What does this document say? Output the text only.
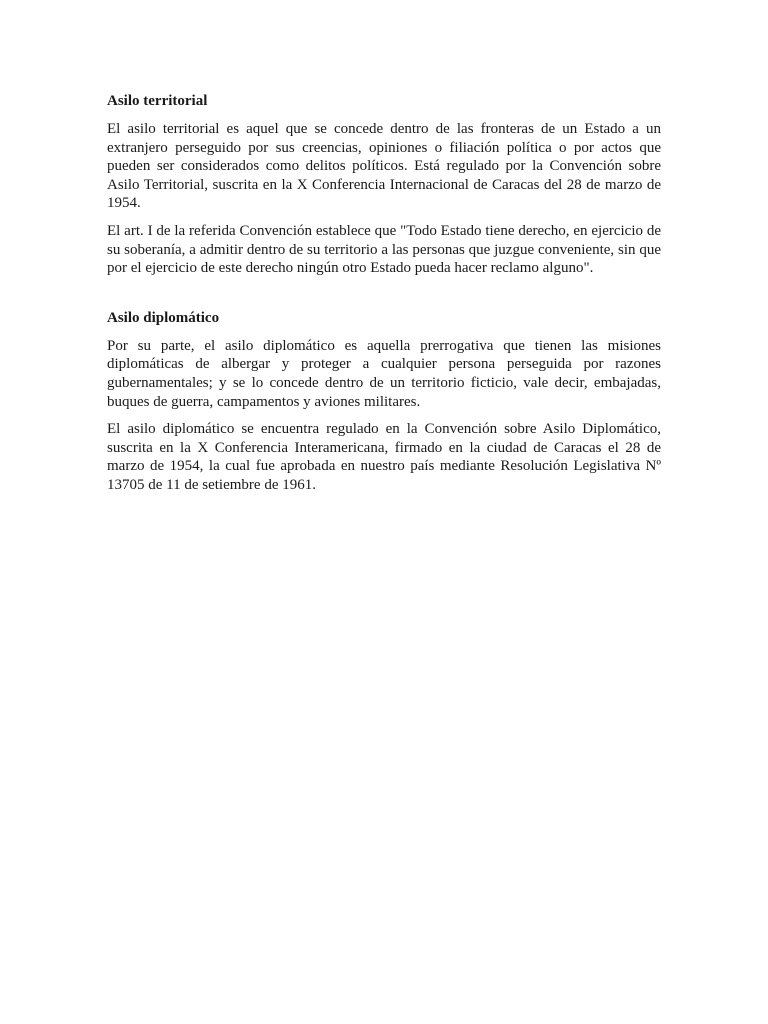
Asilo territorial

El asilo territorial es aquel que se concede dentro de las fronteras de un Estado a un extranjero perseguido por sus creencias, opiniones o filiación política o por actos que pueden ser considerados como delitos políticos. Está regulado por la Convención sobre Asilo Territorial, suscrita en la X Conferencia Internacional de Caracas del 28 de marzo de 1954.

El art. I de la referida Convención establece que "Todo Estado tiene derecho, en ejercicio de su soberanía, a admitir dentro de su territorio a las personas que juzgue conveniente, sin que por el ejercicio de este derecho ningún otro Estado pueda hacer reclamo alguno".

Asilo diplomático

Por su parte, el asilo diplomático es aquella prerrogativa que tienen las misiones diplomáticas de albergar y proteger a cualquier persona perseguida por razones gubernamentales; y se lo concede dentro de un territorio ficticio, vale decir, embajadas, buques de guerra, campamentos y aviones militares.

El asilo diplomático se encuentra regulado en la Convención sobre Asilo Diplomático, suscrita en la X Conferencia Interamericana, firmado en la ciudad de Caracas el 28 de marzo de 1954, la cual fue aprobada en nuestro país mediante Resolución Legislativa Nº 13705 de 11 de setiembre de 1961.
